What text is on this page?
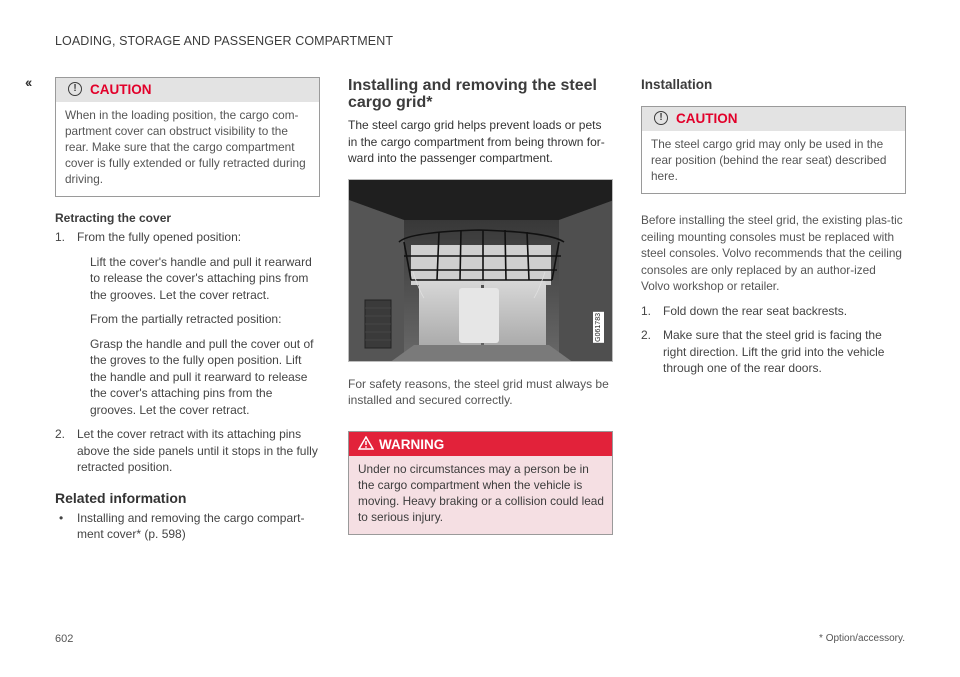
LOADING, STORAGE AND PASSENGER COMPARTMENT
‹‹	! CAUTION
When in the loading position, the cargo com-partment cover can obstruct visibility to the rear. Make sure that the cargo compartment cover is fully extended or fully retracted during driving.
Retracting the cover
1. From the fully opened position:
Lift the cover's handle and pull it rearward to release the cover's attaching pins from the grooves. Let the cover retract.
From the partially retracted position:
Grasp the handle and pull the cover out of the groves to the fully open position. Lift the handle and pull it rearward to release the cover's attaching pins from the grooves. Let the cover retract.
2. Let the cover retract with its attaching pins above the side panels until it stops in the fully retracted position.
Related information
• Installing and removing the cargo compart-ment cover* (p. 598)
Installing and removing the steel cargo grid*
The steel cargo grid helps prevent loads or pets in the cargo compartment from being thrown for-ward into the passenger compartment.
G061783
For safety reasons, the steel grid must always be installed and secured correctly.
WARNING
Under no circumstances may a person be in the cargo compartment when the vehicle is moving. Heavy braking or a collision could lead to serious injury.
Installation
! CAUTION
The steel cargo grid may only be used in the rear position (behind the rear seat) described here.
Before installing the steel grid, the existing plas-tic ceiling mounting consoles must be replaced with steel consoles. Volvo recommends that the ceiling consoles are only replaced by an author-ized Volvo workshop or retailer.
1. Fold down the rear seat backrests.
2. Make sure that the steel grid is facing the right direction. Lift the grid into the vehicle through one of the rear doors.
602	* Option/accessory.
